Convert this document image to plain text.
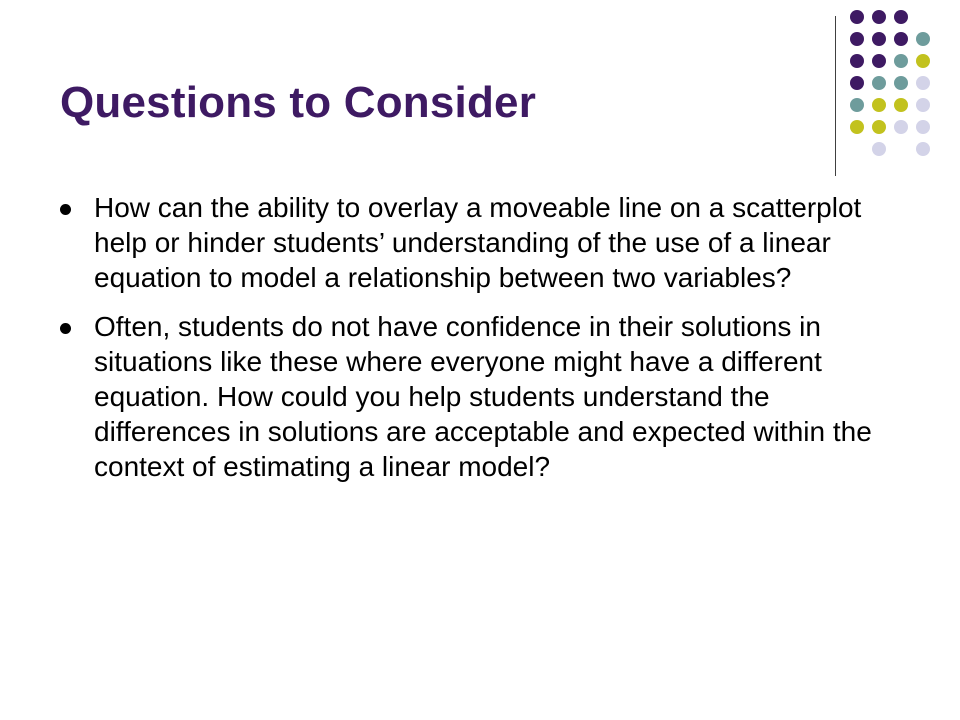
Questions to Consider
How can the ability to overlay a moveable line on a scatterplot help or hinder students’ understanding of the use of a linear equation to model a relationship between two variables?
Often, students do not have confidence in their solutions in situations like these where everyone might have a different equation. How could you help students understand the differences in solutions are acceptable and expected within the context of estimating a linear model?
